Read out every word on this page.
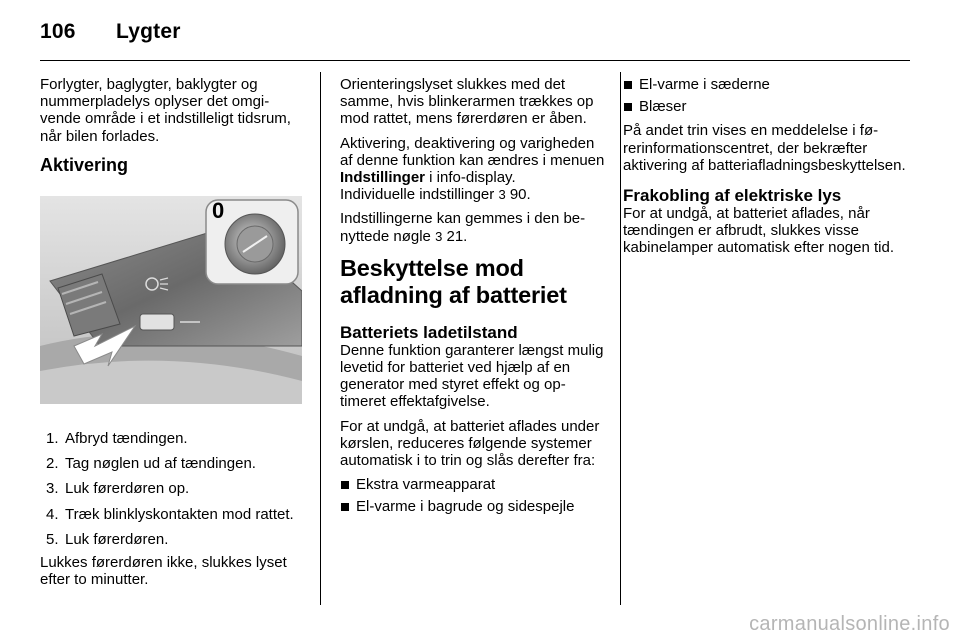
106 Lygter

Forlygter, baglygter, baklygter og nummerpladelys oplyser det omgivende område i et indstilleligt tidsrum, når bilen forlades.

Aktivering
0
1. Afbryd tændingen.
2. Tag nøglen ud af tændingen.
3. Luk førerdøren op.
4. Træk blinklyskontakten mod rattet.
5. Luk førerdøren.

Lukkes førerdøren ikke, slukkes lyset efter to minutter.

Orienteringslyset slukkes med det samme, hvis blinkerarmen trækkes op mod rattet, mens førerdøren er åben.

Aktivering, deaktivering og varigheden af denne funktion kan ændres i menuen Indstillinger i info-display.
Individuelle indstillinger 3 90.

Indstillingerne kan gemmes i den benyttede nøgle 3 21.

Beskyttelse mod afladning af batteriet
Batteriets ladetilstand

Denne funktion garanterer længst mulig levetid for batteriet ved hjælp af en generator med styret effekt og optimeret effektafgivelse.

For at undgå, at batteriet aflades under kørslen, reduceres følgende systemer automatisk i to trin og slås derefter fra:

Ekstra varmeapparat
El-varme i bagrude og sidespejle
El-varme i sæderne
Blæser

På andet trin vises en meddelelse i førerinformationscentret, der bekræfter aktivering af batteriafladningsbeskyttelsen.

Frakobling af elektriske lys

For at undgå, at batteriet aflades, når tændingen er afbrudt, slukkes visse kabinelamper automatisk efter nogen tid.

carmanualsonline.info
